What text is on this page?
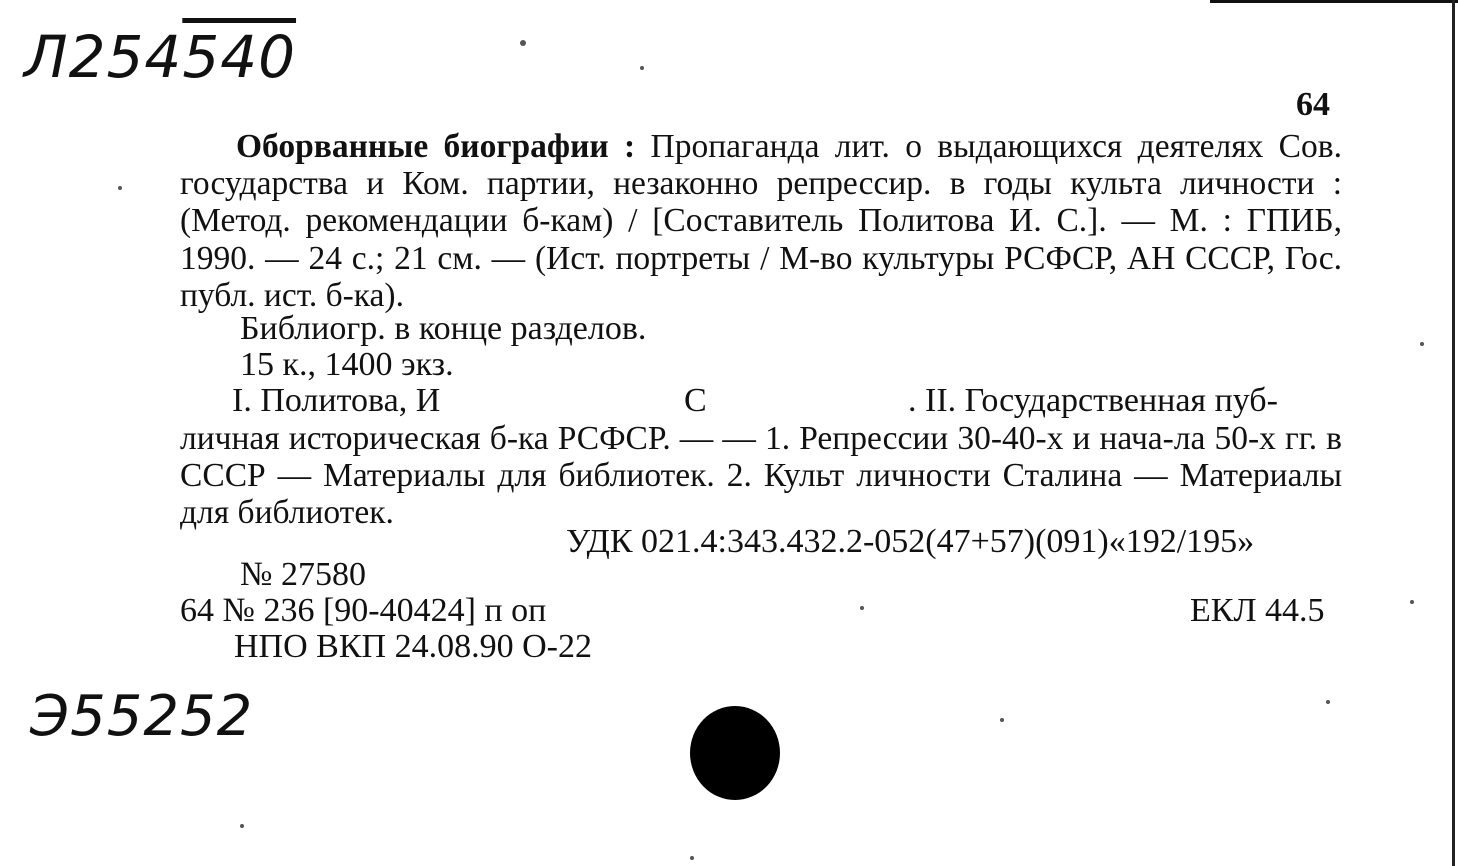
Л254540
64
Оборванные биографии : Пропаганда лит. о выдающихся деятелях Сов. государства и Ком. партии, незаконно репрессир. в годы культа личности : (Метод. рекомендации б-кам) / [Составитель Политова И. С.]. — М. : ГПИБ, 1990. — 24 с.; 21 см. — (Ист. портреты / М-во культуры РСФСР, АН СССР, Гос. публ. ист. б-ка).
Библиогр. в конце разделов.
15 к., 1400 экз.
I. Политова, И	С	. II. Государственная пуб-
личная историческая б-ка РСФСР. — — 1. Репрессии 30-40-х и нача-ла 50-х гг. в СССР — Материалы для библиотек. 2. Культ личности Сталина — Материалы для библиотек.
УДК 021.4:343.432.2-052(47+57)(091)«192/195»
№ 27580
64 № 236 [90-40424] п оп	ЕКЛ 44.5
НПО ВКП 24.08.90 О-22
Э55252
